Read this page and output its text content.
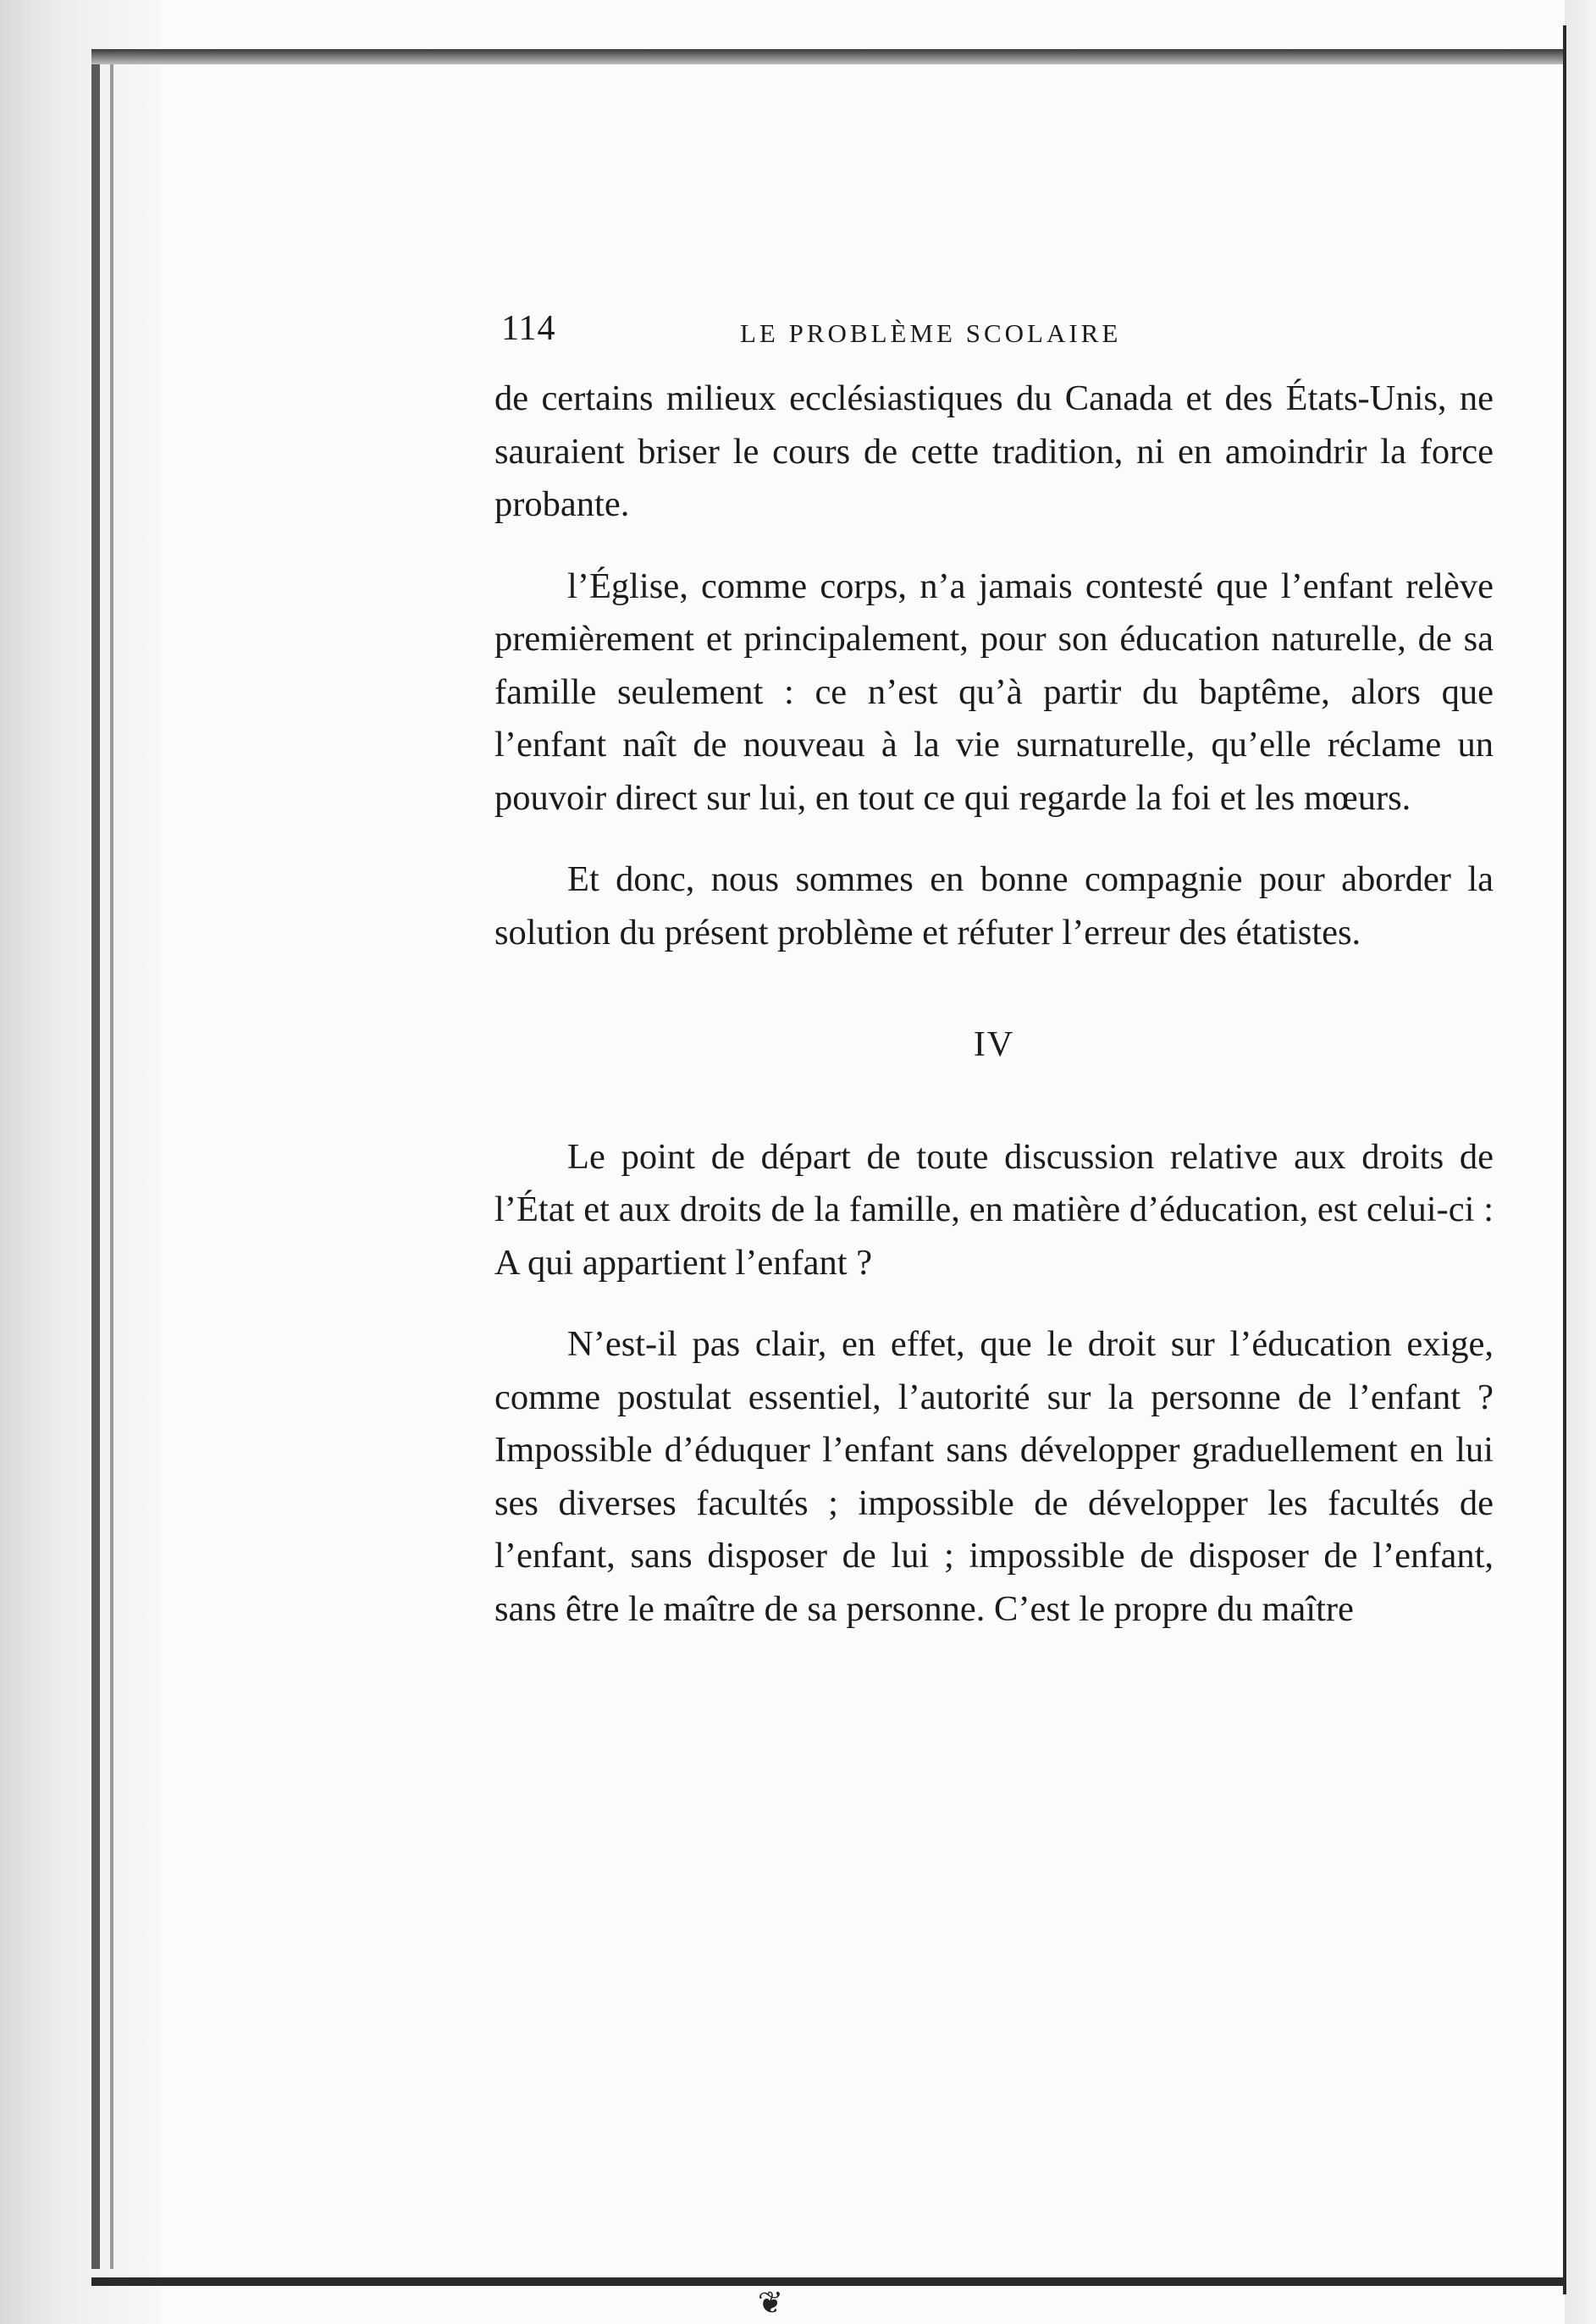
❦
114	LE PROBLÈME SCOLAIRE

de certains milieux ecclésiastiques du Canada et des États-Unis, ne sauraient briser le cours de cette tradition, ni en amoindrir la force probante.

l’Église, comme corps, n’a jamais contesté que l’enfant relève premièrement et principalement, pour son éducation naturelle, de sa famille seulement : ce n’est qu’à partir du baptême, alors que l’enfant naît de nouveau à la vie surnaturelle, qu’elle réclame un pouvoir direct sur lui, en tout ce qui regarde la foi et les mœurs.

Et donc, nous sommes en bonne compagnie pour aborder la solution du présent problème et réfuter l’erreur des étatistes.

IV

Le point de départ de toute discussion relative aux droits de l’État et aux droits de la famille, en matière d’éducation, est celui-ci : A qui appartient l’enfant ?

N’est-il pas clair, en effet, que le droit sur l’éducation exige, comme postulat essentiel, l’autorité sur la personne de l’enfant ? Impossible d’éduquer l’enfant sans développer graduellement en lui ses diverses facultés ; impossible de développer les facultés de l’enfant, sans disposer de lui ; impossible de disposer de l’enfant, sans être le maître de sa personne. C’est le propre du maître
